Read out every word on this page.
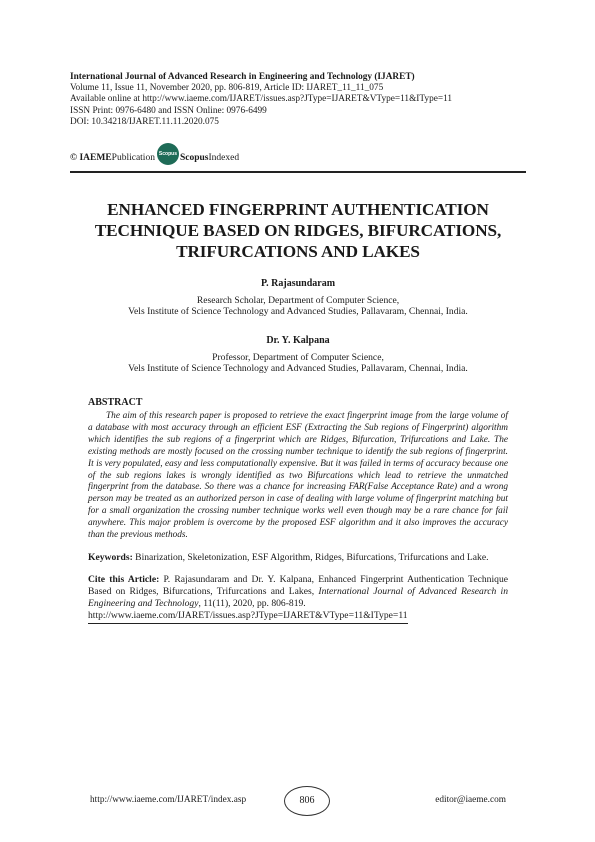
International Journal of Advanced Research in Engineering and Technology (IJARET)
Volume 11, Issue 11, November 2020, pp. 806-819, Article ID: IJARET_11_11_075
Available online at http://www.iaeme.com/IJARET/issues.asp?JType=IJARET&VType=11&IType=11
ISSN Print: 0976-6480 and ISSN Online: 0976-6499
DOI: 10.34218/IJARET.11.11.2020.075
© IAEME Publication Scopus Scopus Indexed
ENHANCED FINGERPRINT AUTHENTICATION TECHNIQUE BASED ON RIDGES, BIFURCATIONS, TRIFURCATIONS AND LAKES
P. Rajasundaram
Research Scholar, Department of Computer Science,
Vels Institute of Science Technology and Advanced Studies, Pallavaram, Chennai, India.
Dr. Y. Kalpana
Professor, Department of Computer Science,
Vels Institute of Science Technology and Advanced Studies, Pallavaram, Chennai, India.
ABSTRACT

The aim of this research paper is proposed to retrieve the exact fingerprint image from the large volume of a database with most accuracy through an efficient ESF (Extracting the Sub regions of Fingerprint) algorithm which identifies the sub regions of a fingerprint which are Ridges, Bifurcation, Trifurcations and Lake. The existing methods are mostly focused on the crossing number technique to identify the sub regions of fingerprint. It is very populated, easy and less computationally expensive. But it was failed in terms of accuracy because one of the sub regions lakes is wrongly identified as two Bifurcations which lead to retrieve the unmatched fingerprint from the database. So there was a chance for increasing FAR(False Acceptance Rate) and a wrong person may be treated as an authorized person in case of dealing with large volume of fingerprint matching but for a small organization the crossing number technique works well even though may be a rare chance for fail anywhere. This major problem is overcome by the proposed ESF algorithm and it also improves the accuracy than the previous methods.

Keywords: Binarization, Skeletonization, ESF Algorithm, Ridges, Bifurcations, Trifurcations and Lake.

Cite this Article: P. Rajasundaram and Dr. Y. Kalpana, Enhanced Fingerprint Authentication Technique Based on Ridges, Bifurcations, Trifurcations and Lakes, International Journal of Advanced Research in Engineering and Technology, 11(11), 2020, pp. 806-819.
http://www.iaeme.com/IJARET/issues.asp?JType=IJARET&VType=11&IType=11

http://www.iaeme.com/IJARET/index.asp	806	editor@iaeme.com
